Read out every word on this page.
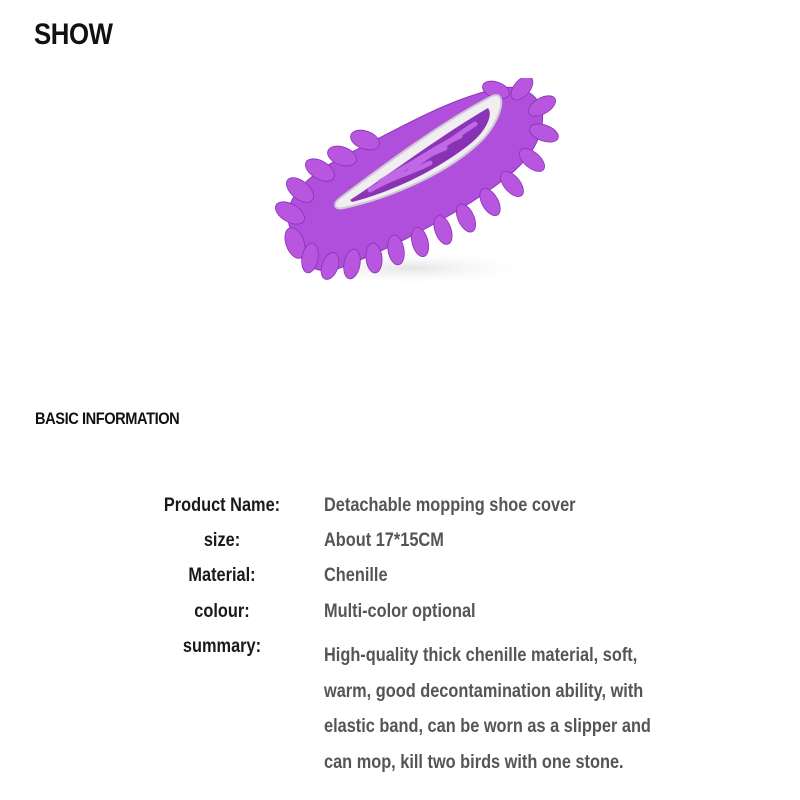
SHOW
BASIC INFORMATION
Product Name:	Detachable mopping shoe cover
size:	About 17*15CM
Material:	Chenille
colour:	Multi-color optional
summary:	High-quality thick chenille material, soft,
warm, good decontamination ability, with
elastic band, can be worn as a slipper and
can mop, kill two birds with one stone.
